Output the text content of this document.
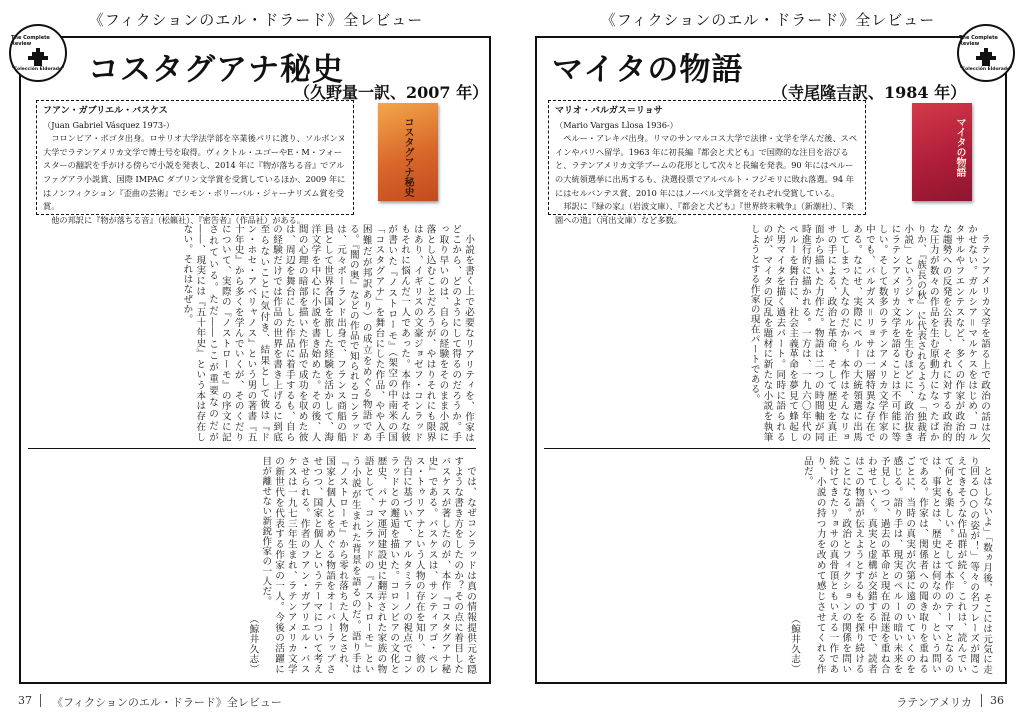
《フィクションのエル・ドラード》全レビュー
The Complete Review
"Colección Eldorado" コスタグアナ秘史
（久野量一訳、2007 年）
フアン・ガブリエル・バスケス
（Juan Gabriel Vásquez 1973-）

コロンビア・ボゴタ出身。ロサリオ大学法学部を卒業後パリに渡り、ソルボンヌ大学でラテンアメリカ文学で博士号を取得。ヴィクトル・ユゴーやE・M・フォースターの翻訳を手がける傍らで小説を発表し、2014 年に『物が落ちる音』でアルファグアラ小説賞、国際 IMPAC ダブリン文学賞を受賞しているほか、2009 年にはノンフィクション『歪曲の芸術』でシモン・ボリーバル・ジャーナリズム賞を受賞。

他の邦訳に『物が落ちる音』（松籟社）、『密告者』（作品社）がある。

コスタグアナ秘史

小説を書く上で必要なリアリティを、作家はどこから、どのようにして得るのだろうか。手っ取り早いのは、自らの経験をそのまま小説に落とし込むことだろうが、やはりそれにも限界はあり、イギリスの文豪ジョゼフ・コンラッドもそれに悩んだ一人であった。本作はそんな彼が書いた『ノストローモ』（架空の中南米の国「コスタグアナ」を舞台にした作品、やや入手困難だが邦訳あり）の成立をめぐる物語である。『闇の奥』などの作品で知られるコンラッドは、元々ポーランド出身で、フランス商船の船員として世界各国を旅した経験を活かして、海洋文学を中心に小説を書き始めた。その後、人間の心理の暗部を描いた作品で成功を収めた彼は、周辺を舞台にした作品に着手するも、自らの経験だけでは作品の世界を書き上げるに到底至らないことに気付き、結果として彼は『ドン・ホセ・アベリャノス』という男の著書『五十年史』から多くを学んでいくが、そのくだりについて、実際の『ノストローモ』の序文に記されている。ただ――ここが重要なのだが――、現実には『五十年史』という本は存在しない。それはなぜか。

では、なぜコンラッドは真の情報提供元を隠すような書き方をしたのか？その点に着目したバスケスが著したのが、本作『コスタグアナ秘史』である。バスケスは、サンティアゴ・ペレス・トゥリアナという人物の存在を知り、彼の告白に基づいて、アルタミラーノの視点でコンラッドとの邂逅を描いた。コロンビアの文化と歴史、パナマ運河建設史に翻弄された家族の物語として、コンラッドの『ノストローモ』という小説が生まれた背景を語るのだ。語り手は『ノストローモ』から零れ落ちた人物とされ、国家と個人とをめぐる物語をオーバーラップさせつつ、国家と個人というテーマについて考えさせられる。作者のフアン・ガブリエル・バスケスは一九七三年生まれ、ラテンアメリカ文学の新世代を代表する作家の一人。今後の活躍に目が離せない新鋭作家の一人だ。

（鯨井久志）

37	《フィクションのエル・ドラード》全レビュー
《フィクションのエル・ドラード》全レビュー
The Complete Review
"Colección Eldorado"
マイタの物語
（寺尾隆吉訳、1984 年）
マリオ・バルガス＝リョサ
（Mario Vargas Llosa 1936-）

ペルー・アレキパ出身。リマのサンマルコス大学で法律・文学を学んだ後、スペインやパリへ留学。1963 年に初長編『都会と犬ども』で国際的な注目を浴びると、ラテンアメリカ文学ブームの花形として次々と長編を発表。90 年にはペルーの大統領選挙に出馬するも、決選投票でアルベルト・フジモリに敗れ落選。94 年にはセルバンテス賞、2010 年にはノーベル文学賞をそれぞれ受賞している。

邦訳に『緑の家』（岩波文庫）、『都会と犬ども』『世界終末戦争』（新潮社）、『楽園への道』（河出文庫）など多数。

マイタの物語

ラテンアメリカ文学を語る上で政治の話は欠かせない。ガルシア＝マルケスをはじめ、コルタサルやフエンテスなど、多くの作家が政治的な趨勢への反発を公表し、それに対する政治的な圧力が数々の作品を生む原動力になったばかりか、『族長の秋』に代表されるような「独裁者小説」というジャンルを生むほどに、政治抜きにラテンアメリカ文学を語ることは不可能に等しい。そして数多のラテンアメリカ文学作家の中でも、バルガス＝リョサは一層特異な存在である。なにせ、実際にペルーの大統領選に出馬してしまった人なのだから。本作はそんなリョサの手による、政治と革命、そして歴史を真正面から描いた力作だ。物語は二つの時間軸が同時進行的に描かれる。一方は、一九六〇年代のペルーを舞台に、社会主義革命を夢見て蜂起した男マイタを描く過去パート。同時に語られるのが、マイタの反乱を題材に新たな小説を執筆しようとする作家の現在パートである。

とはしないよ」「数ヵ月後、そこには元気に走り回る○○の姿が！」等々の名フレーズが聞こえてきそうな作品群が続く。これは、読んでいて何とも楽しい。そして本作のテーマとなるのは、事実とは、歴史とは何なのか、という問いである。作家は、関係者への聞き取りを重ねるごとに、当時の真実が次第に遠のいていくのを感じる。語り手は、現実のペルーの暗い未来を予見しつつ、過去の革命と現在の混迷を重ね合わせていく。真実と虚構が交錯する中で、読者はこの物語が伝えようとするものを探り続けることになる。政治とフィクションの関係を問い続けてきたリョサの真骨頂ともいえる一作であり、小説の持つ力を改めて感じさせてくれる作品だ。

（鯨井久志）

ラテンアメリカ	36
